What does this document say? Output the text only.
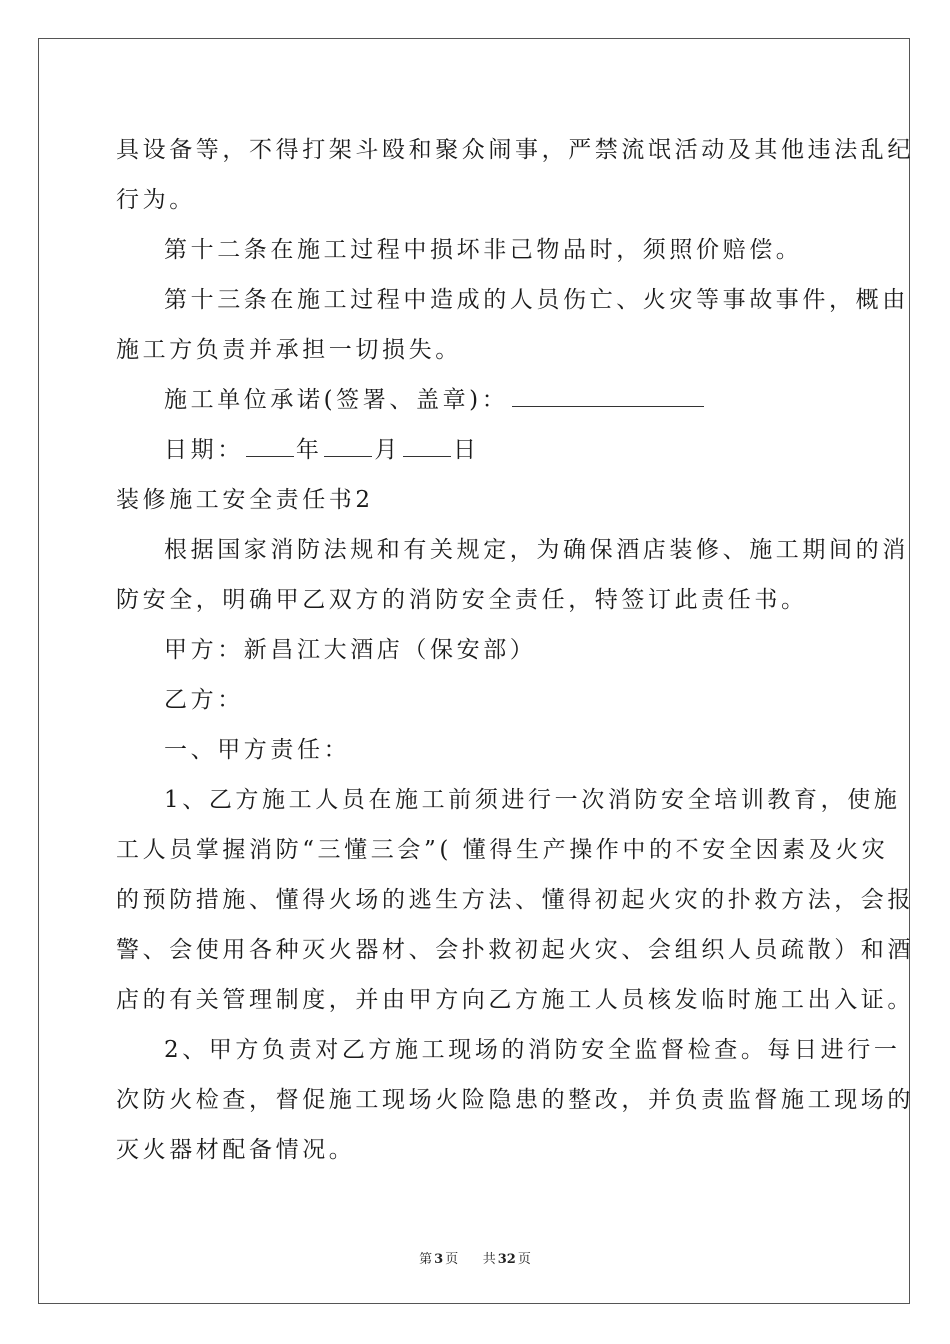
具设备等，不得打架斗殴和聚众闹事，严禁流氓活动及其他违法乱纪
行为。

第十二条在施工过程中损坏非己物品时，须照价赔偿。

第十三条在施工过程中造成的人员伤亡、火灾等事故事件，概由
施工方负责并承担一切损失。

施工单位承诺(签署、盖章)：

日期： 年 月 日

装修施工安全责任书2

根据国家消防法规和有关规定，为确保酒店装修、施工期间的消
防安全，明确甲乙双方的消防安全责任，特签订此责任书。

甲方：新昌江大酒店（保安部）

乙方：

一、甲方责任：

1、乙方施工人员在施工前须进行一次消防安全培训教育，使施
工人员掌握消防“三懂三会”( 懂得生产操作中的不安全因素及火灾
的预防措施、懂得火场的逃生方法、懂得初起火灾的扑救方法，会报
警、会使用各种灭火器材、会扑救初起火灾、会组织人员疏散）和酒
店的有关管理制度，并由甲方向乙方施工人员核发临时施工出入证。

2、甲方负责对乙方施工现场的消防安全监督检查。每日进行一
次防火检查，督促施工现场火险隐患的整改，并负责监督施工现场的
灭火器材配备情况。

第 3 页 共 32 页
